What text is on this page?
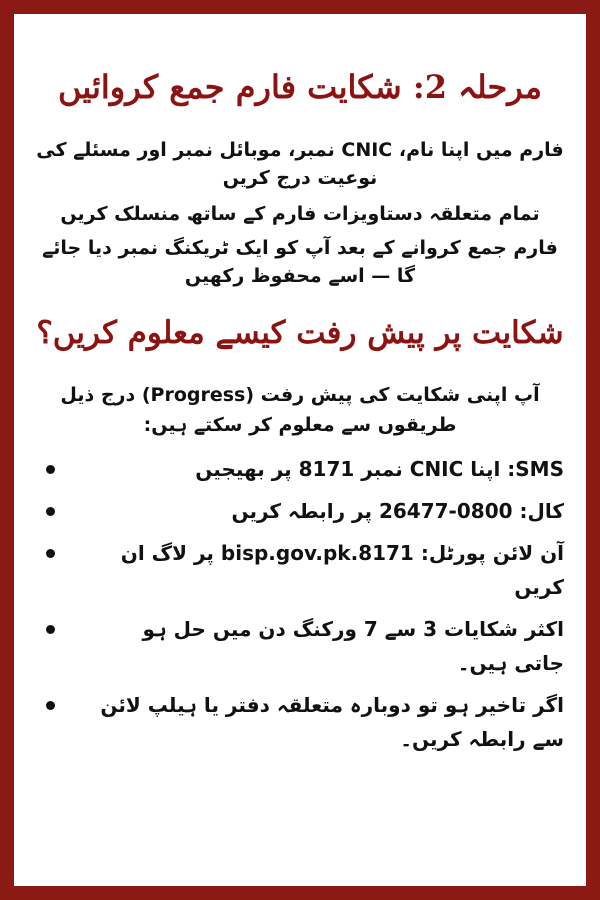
مرحلہ 2: شکایت فارم جمع کروائیں

فارم میں اپنا نام، CNIC نمبر، موبائل نمبر اور مسئلے کی نوعیت درج کریں

تمام متعلقہ دستاویزات فارم کے ساتھ منسلک کریں

فارم جمع کروانے کے بعد آپ کو ایک ٹریکنگ نمبر دیا جائے گا — اسے محفوظ رکھیں

شکایت پر پیش رفت کیسے معلوم کریں؟

آپ اپنی شکایت کی پیش رفت (Progress) درج ذیل طریقوں سے معلوم کر سکتے ہیں:

SMS: اپنا CNIC نمبر 8171 پر بھیجیں
کال: 0800-26477 پر رابطہ کریں
آن لائن پورٹل: 8171.bisp.gov.pk پر لاگ ان کریں
اکثر شکایات 3 سے 7 ورکنگ دن میں حل ہو جاتی ہیں۔
اگر تاخیر ہو تو دوبارہ متعلقہ دفتر یا ہیلپ لائن سے رابطہ کریں۔
